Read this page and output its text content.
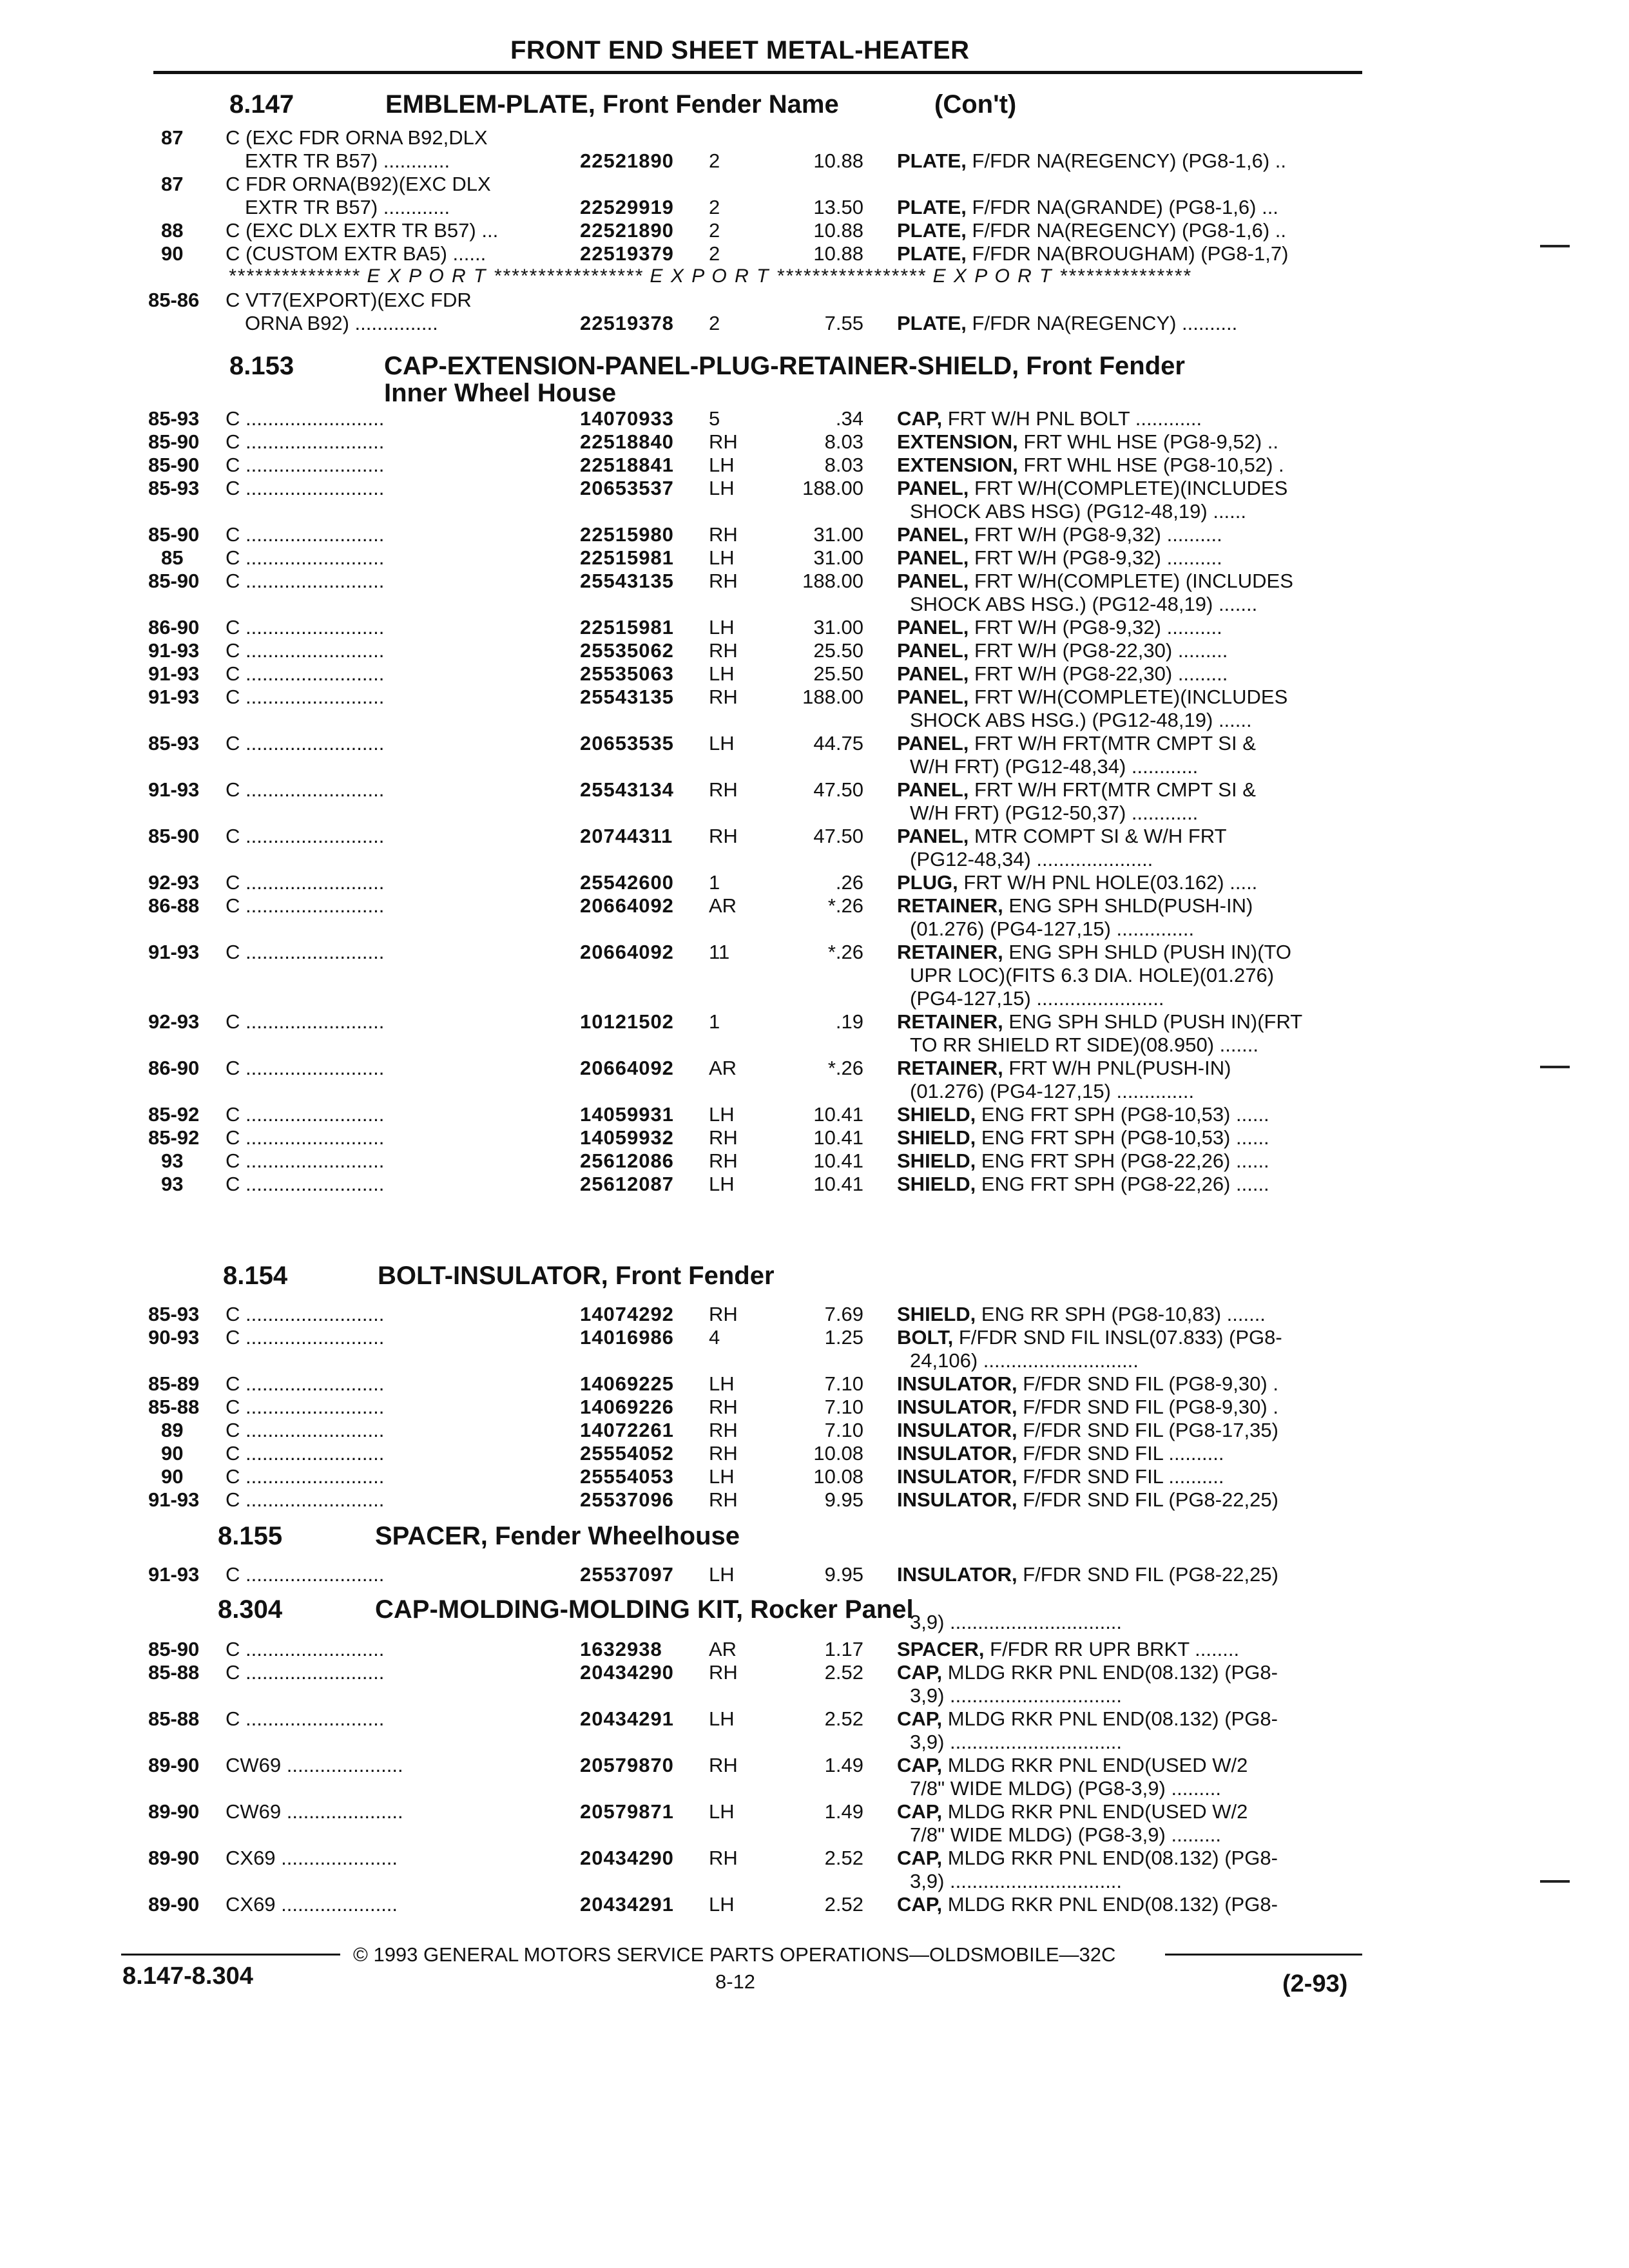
FRONT END SHEET METAL-HEATER
8.147	EMBLEM-PLATE, Front Fender Name	(Con't)
*************** E X P O R T ***************** E X P O R T ***************** E X P O R T ***************
8.153	CAP-EXTENSION-PANEL-PLUG-RETAINER-SHIELD, Front Fender
Inner Wheel House
8.154	BOLT-INSULATOR, Front Fender
8.155	SPACER, Fender Wheelhouse
8.304	CAP-MOLDING-MOLDING KIT, Rocker Panel
87 C (EXC FDR ORNA B92,DLX
EXTR TR B57) ............	22521890 2	10.88 PLATE, F/FDR NA(REGENCY) (PG8-1,6) ..
87 C FDR ORNA(B92)(EXC DLX
EXTR TR B57) ............	22529919 2	13.50 PLATE, F/FDR NA(GRANDE) (PG8-1,6) ...
88 C (EXC DLX EXTR TR B57) ...	22521890 2	10.88 PLATE, F/FDR NA(REGENCY) (PG8-1,6) ..
90 C (CUSTOM EXTR BA5) ......	22519379 2	10.88 PLATE, F/FDR NA(BROUGHAM) (PG8-1,7)
85-86 C VT7(EXPORT)(EXC FDR
ORNA B92) ...............	22519378 2	7.55 PLATE, F/FDR NA(REGENCY) ..........
85-93 C .........................	14070933 5	.34 CAP, FRT W/H PNL BOLT ............
85-90 C .........................	22518840 RH	8.03 EXTENSION, FRT WHL HSE (PG8-9,52) ..
85-90 C .........................	22518841 LH	8.03 EXTENSION, FRT WHL HSE (PG8-10,52) .
85-93 C .........................	20653537 LH	188.00 PANEL, FRT W/H(COMPLETE)(INCLUDES
SHOCK ABS HSG) (PG12-48,19) ......
85-90 C .........................	22515980 RH	31.00 PANEL, FRT W/H (PG8-9,32) ..........
85 C .........................	22515981 LH	31.00 PANEL, FRT W/H (PG8-9,32) ..........
85-90 C .........................	25543135 RH	188.00 PANEL, FRT W/H(COMPLETE) (INCLUDES
SHOCK ABS HSG.) (PG12-48,19) .......
86-90 C .........................	22515981 LH	31.00 PANEL, FRT W/H (PG8-9,32) ..........
91-93 C .........................	25535062 RH	25.50 PANEL, FRT W/H (PG8-22,30) .........
91-93 C .........................	25535063 LH	25.50 PANEL, FRT W/H (PG8-22,30) .........
91-93 C .........................	25543135 RH	188.00 PANEL, FRT W/H(COMPLETE)(INCLUDES
SHOCK ABS HSG.) (PG12-48,19) ......
85-93 C .........................	20653535 LH	44.75 PANEL, FRT W/H FRT(MTR CMPT SI &
W/H FRT) (PG12-48,34) ............
91-93 C .........................	25543134 RH	47.50 PANEL, FRT W/H FRT(MTR CMPT SI &
W/H FRT) (PG12-50,37) ............
85-90 C .........................	20744311 RH	47.50 PANEL, MTR COMPT SI & W/H FRT
(PG12-48,34) .....................
92-93 C .........................	25542600 1	.26 PLUG, FRT W/H PNL HOLE(03.162) .....
86-88 C .........................	20664092 AR	*.26 RETAINER, ENG SPH SHLD(PUSH-IN)
(01.276) (PG4-127,15) ..............
91-93 C .........................	20664092 11	*.26 RETAINER, ENG SPH SHLD (PUSH IN)(TO
UPR LOC)(FITS 6.3 DIA. HOLE)(01.276)
(PG4-127,15) .......................
92-93 C .........................	10121502 1	.19 RETAINER, ENG SPH SHLD (PUSH IN)(FRT
TO RR SHIELD RT SIDE)(08.950) .......
86-90 C .........................	20664092 AR	*.26 RETAINER, FRT W/H PNL(PUSH-IN)
(01.276) (PG4-127,15) ..............
85-92 C .........................	14059931 LH	10.41 SHIELD, ENG FRT SPH (PG8-10,53) ......
85-92 C .........................	14059932 RH	10.41 SHIELD, ENG FRT SPH (PG8-10,53) ......
93 C .........................	25612086 RH	10.41 SHIELD, ENG FRT SPH (PG8-22,26) ......
93 C .........................	25612087 LH	10.41 SHIELD, ENG FRT SPH (PG8-22,26) ......
85-93 C .........................	14074292 RH	7.69 SHIELD, ENG RR SPH (PG8-10,83) .......
90-93 C .........................	14016986 4	1.25 BOLT, F/FDR SND FIL INSL(07.833) (PG8-
24,106) ............................
85-89 C .........................	14069225 LH	7.10 INSULATOR, F/FDR SND FIL (PG8-9,30) .
85-88 C .........................	14069226 RH	7.10 INSULATOR, F/FDR SND FIL (PG8-9,30) .
89 C .........................	14072261 RH	7.10 INSULATOR, F/FDR SND FIL (PG8-17,35)
90 C .........................	25554052 RH	10.08 INSULATOR, F/FDR SND FIL ..........
90 C .........................	25554053 LH	10.08 INSULATOR, F/FDR SND FIL ..........
91-93 C .........................	25537096 RH	9.95 INSULATOR, F/FDR SND FIL (PG8-22,25)
91-93 C .........................	25537097 LH	9.95 INSULATOR, F/FDR SND FIL (PG8-22,25)
85-90 C .........................	1632938 AR	1.17 SPACER, F/FDR RR UPR BRKT ........
85-88 C .........................	20434290 RH	2.52 CAP, MLDG RKR PNL END(08.132) (PG8-
3,9) ...............................
85-88 C .........................	20434291 LH	2.52 CAP, MLDG RKR PNL END(08.132) (PG8-
3,9) ...............................
89-90 CW69 .....................	20579870 RH	1.49 CAP, MLDG RKR PNL END(USED W/2
7/8" WIDE MLDG) (PG8-3,9) .........
89-90 CW69 .....................	20579871 LH	1.49 CAP, MLDG RKR PNL END(USED W/2
7/8" WIDE MLDG) (PG8-3,9) .........
89-90 CX69 .....................	20434290 RH	2.52 CAP, MLDG RKR PNL END(08.132) (PG8-
3,9) ...............................
89-90 CX69 .....................	20434291 LH	2.52 CAP, MLDG RKR PNL END(08.132) (PG8-
3,9) ...............................
© 1993 GENERAL MOTORS SERVICE PARTS OPERATIONS—OLDSMOBILE—32C
8.147-8.304	8-12	(2-93)
